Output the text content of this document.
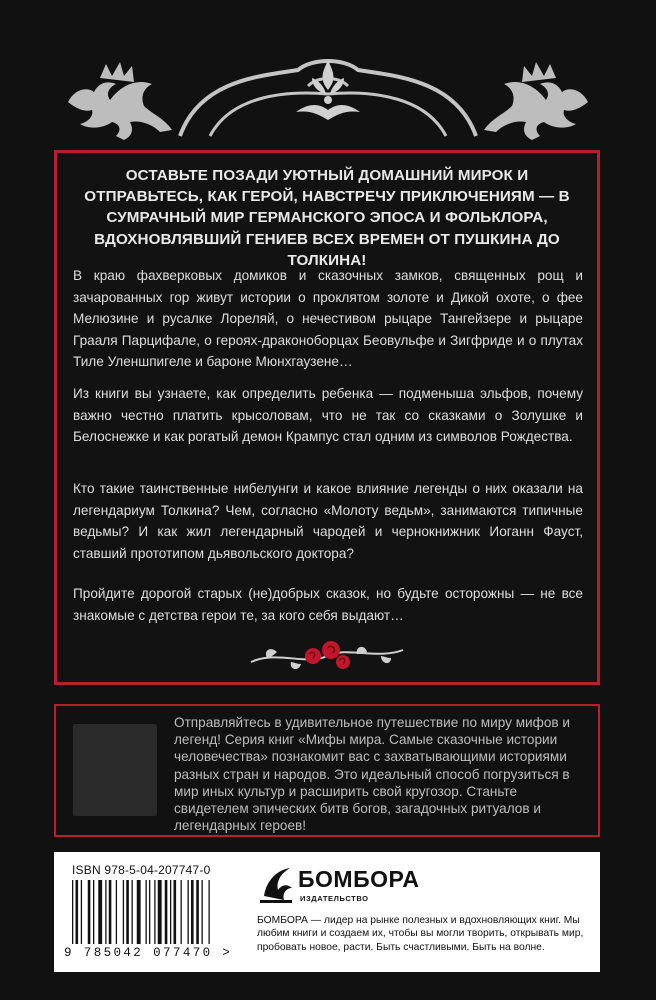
ОСТАВЬТЕ ПОЗАДИ УЮТНЫЙ ДОМАШНИЙ МИРОК И ОТПРАВЬТЕСЬ, КАК ГЕРОЙ, НАВСТРЕЧУ ПРИКЛЮЧЕНИЯМ — В СУМРАЧНЫЙ МИР ГЕРМАНСКОГО ЭПОСА И ФОЛЬКЛОРА, ВДОХНОВЛЯВШИЙ ГЕНИЕВ ВСЕХ ВРЕМЕН ОТ ПУШКИНА ДО ТОЛКИНА!

В краю фахверковых домиков и сказочных замков, священных рощ и зачарованных гор живут истории о проклятом золоте и Дикой охоте, о фее Мелюзине и русалке Лореляй, о нечестивом рыцаре Тангейзере и рыцаре Грааля Парцифале, о героях-драконоборцах Беовульфе и Зигфриде и о плутах Тиле Уленшпигеле и бароне Мюнхгаузене…

Из книги вы узнаете, как определить ребенка — подменыша эльфов, почему важно честно платить крысоловам, что не так со сказками о Золушке и Белоснежке и как рогатый демон Крампус стал одним из символов Рождества.

Кто такие таинственные нибелунги и какое влияние легенды о них оказали на легендариум Толкина? Чем, согласно «Молоту ведьм», занимаются типичные ведьмы? И как жил легендарный чародей и чернокнижник Иоганн Фауст, ставший прототипом дьявольского доктора?

Пройдите дорогой старых (не)добрых сказок, но будьте осторожны — не все знакомые с детства герои те, за кого себя выдают…

Отправляйтесь в удивительное путешествие по миру мифов и легенд! Серия книг «Мифы мира. Самые сказочные истории человечества» познакомит вас с захватывающими историями разных стран и народов. Это идеальный способ погрузиться в мир иных культур и расширить свой кругозор. Станьте свидетелем эпических битв богов, загадочных ритуалов и легендарных героев!

ISBN 978-5-04-207747-0
9 785042 077470 >
БОМБОРА
ИЗДАТЕЛЬСТВО

БОМБОРА — лидер на рынке полезных и вдохновляющих книг. Мы любим книги и создаем их, чтобы вы могли творить, открывать мир, пробовать новое, расти. Быть счастливыми. Быть на волне.
